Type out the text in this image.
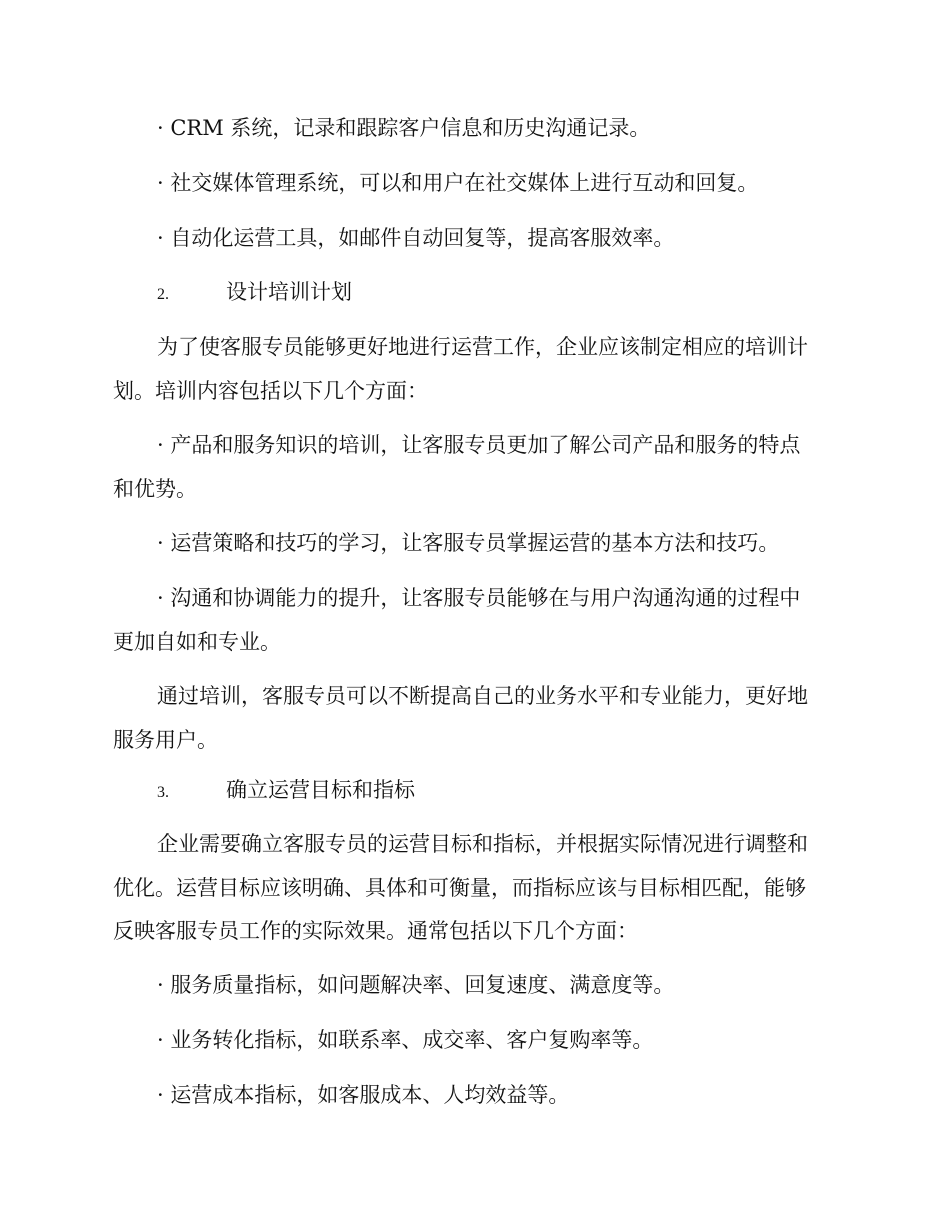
· CRM 系统，记录和跟踪客户信息和历史沟通记录。
· 社交媒体管理系统，可以和用户在社交媒体上进行互动和回复。
· 自动化运营工具，如邮件自动回复等，提高客服效率。
2.	设计培训计划
为了使客服专员能够更好地进行运营工作，企业应该制定相应的培训计
划。培训内容包括以下几个方面：
· 产品和服务知识的培训，让客服专员更加了解公司产品和服务的特点
和优势。
· 运营策略和技巧的学习，让客服专员掌握运营的基本方法和技巧。
· 沟通和协调能力的提升，让客服专员能够在与用户沟通沟通的过程中
更加自如和专业。
通过培训，客服专员可以不断提高自己的业务水平和专业能力，更好地
服务用户。
3.	确立运营目标和指标
企业需要确立客服专员的运营目标和指标，并根据实际情况进行调整和
优化。运营目标应该明确、具体和可衡量，而指标应该与目标相匹配，能够
反映客服专员工作的实际效果。通常包括以下几个方面：
· 服务质量指标，如问题解决率、回复速度、满意度等。
· 业务转化指标，如联系率、成交率、客户复购率等。
· 运营成本指标，如客服成本、人均效益等。
